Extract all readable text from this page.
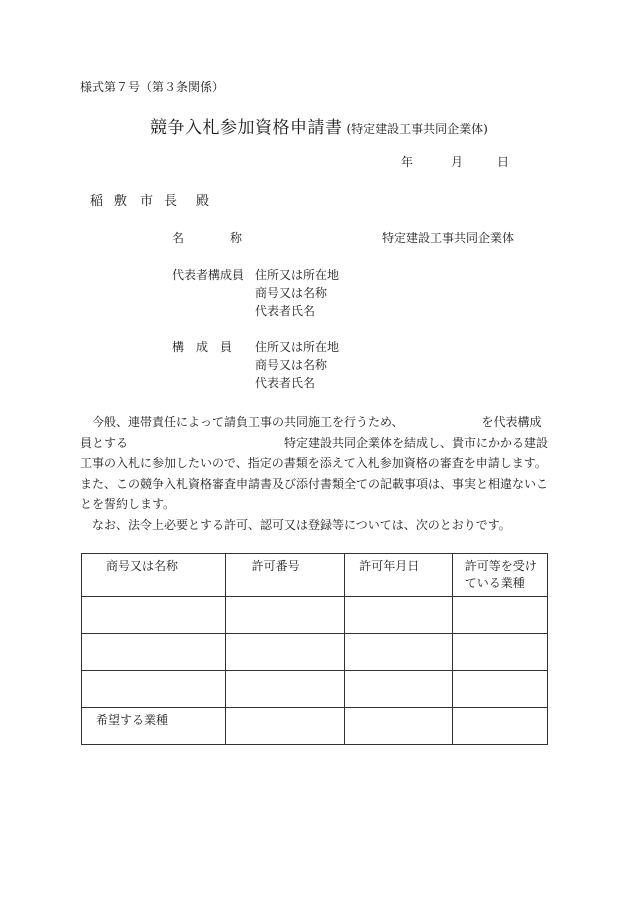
様式第７号（第３条関係）
競争入札参加資格申請書 (特定建設工事共同企業体)
年	月	日
稲 敷 市 長 殿
名	称	特定建設工事共同企業体
代表者構成員 住所又は所在地
商号又は名称
代表者氏名
構 成 員 住所又は所在地
商号又は名称
代表者氏名

　今般、連帯責任によって請負工事の共同施工を行うため、　　　　　　　を代表構成員とする　　　　　　　　　　　　　特定建設共同企業体を結成し、貴市にかかる建設工事の入札に参加したいので、指定の書類を添えて入札参加資格の審査を申請します。また、この競争入札資格審査申請書及び添付書類全ての記載事項は、事実と相違ないことを誓約します。

　なお、法令上必要とする許可、認可又は登録等については、次のとおりです。

商号又は名称	許可番号	許可年月日	許可等を受け
ている業種

希望する業種			
